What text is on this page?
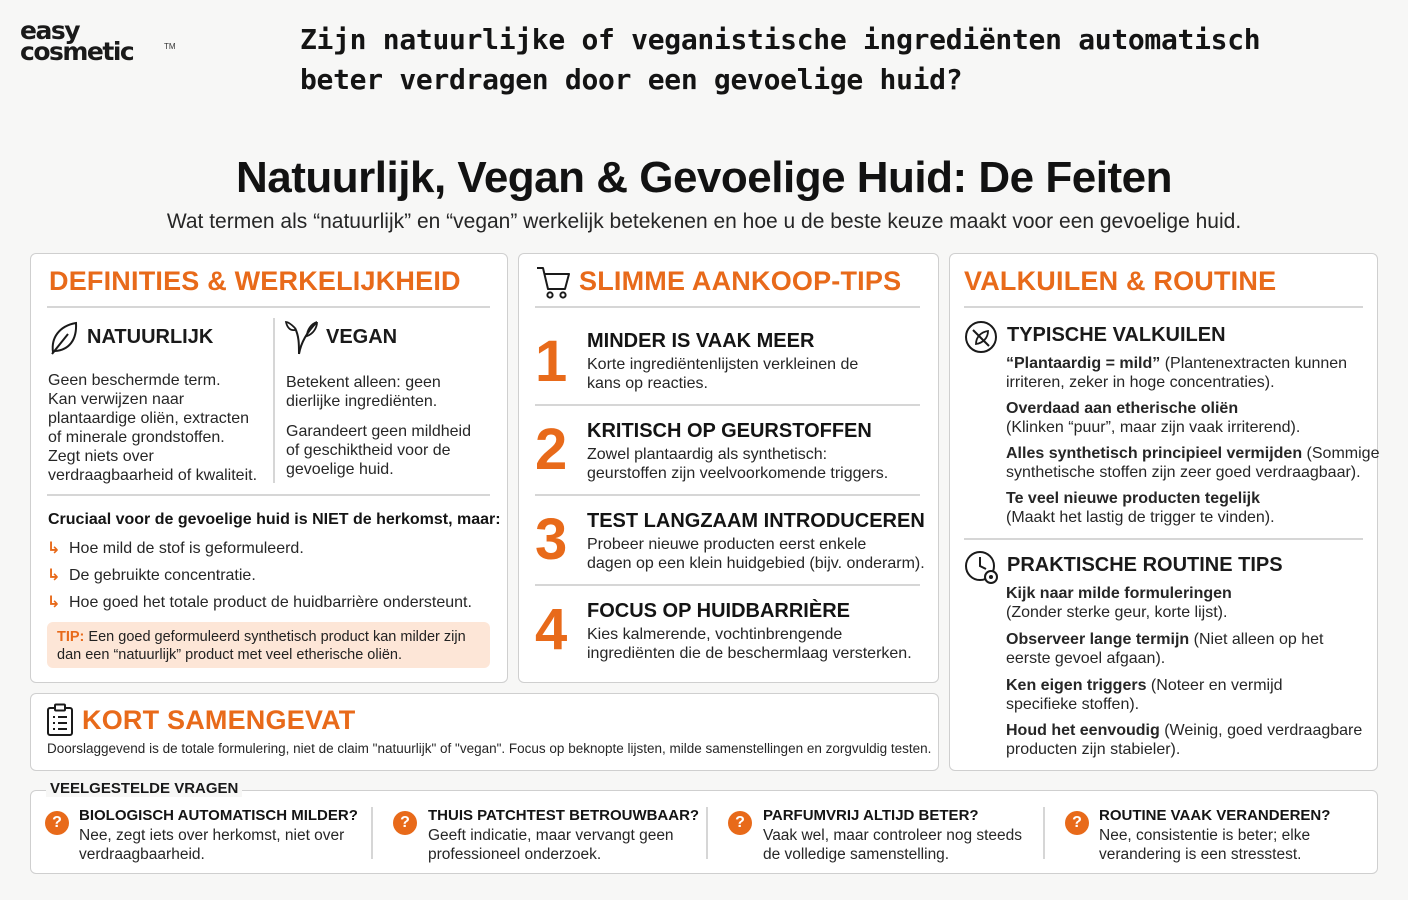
easy
cosmetic	TM	Zijn natuurlijke of veganistische ingrediënten automatisch beter verdragen door een gevoelige huid?
Natuurlijk, Vegan & Gevoelige Huid: De Feiten
Wat termen als “natuurlijk” en “vegan” werkelijk betekenen en hoe u de beste keuze maakt voor een gevoelige huid.
DEFINITIES & WERKELIJKHEID
NATUURLIJK
Geen beschermde term.
Kan verwijzen naar
plantaardige oliën, extracten
of minerale grondstoffen.
Zegt niets over
verdraagbaarheid of kwaliteit.
VEGAN
Betekent alleen: geen
dierlijke ingrediënten.
Garandeert geen mildheid
of geschiktheid voor de
gevoelige huid.
Cruciaal voor de gevoelige huid is NIET de herkomst, maar:
↳ Hoe mild de stof is geformuleerd.
↳ De gebruikte concentratie.
↳ Hoe goed het totale product de huidbarrière ondersteunt.
TIP: Een goed geformuleerd synthetisch product kan milder zijn
dan een “natuurlijk” product met veel etherische oliën.
SLIMME AANKOOP-TIPS
1 MINDER IS VAAK MEER
Korte ingrediëntenlijsten verkleinen de
kans op reacties.
2 KRITISCH OP GEURSTOFFEN
Zowel plantaardig als synthetisch:
geurstoffen zijn veelvoorkomende triggers.
3 TEST LANGZAAM INTRODUCEREN
Probeer nieuwe producten eerst enkele
dagen op een klein huidgebied (bijv. onderarm).
4 FOCUS OP HUIDBARRIÈRE
Kies kalmerende, vochtinbrengende
ingrediënten die de beschermlaag versterken.
VALKUILEN & ROUTINE
TYPISCHE VALKUILEN
“Plantaardig = mild” (Plantenextracten kunnen
irriteren, zeker in hoge concentraties).
Overdaad aan etherische oliën
(Klinken “puur”, maar zijn vaak irriterend).
Alles synthetisch principieel vermijden (Sommige
synthetische stoffen zijn zeer goed verdraagbaar).
Te veel nieuwe producten tegelijk
(Maakt het lastig de trigger te vinden).
PRAKTISCHE ROUTINE TIPS
Kijk naar milde formuleringen
(Zonder sterke geur, korte lijst).
Observeer lange termijn (Niet alleen op het
eerste gevoel afgaan).
Ken eigen triggers (Noteer en vermijd
specifieke stoffen).
Houd het eenvoudig (Weinig, goed verdraagbare
producten zijn stabieler).
KORT SAMENGEVAT
Doorslaggevend is de totale formulering, niet de claim "natuurlijk" of "vegan". Focus op beknopte lijsten, milde samenstellingen en zorgvuldig testen.
?	BIOLOGISCH AUTOMATISCH MILDER?
Nee, zegt iets over herkomst, niet over
verdraagbaarheid.
?	THUIS PATCHTEST BETROUWBAAR?
Geeft indicatie, maar vervangt geen
professioneel onderzoek.
?	PARFUMVRIJ ALTIJD BETER?
Vaak wel, maar controleer nog steeds
de volledige samenstelling.
?	ROUTINE VAAK VERANDEREN?
Nee, consistentie is beter; elke
verandering is een stresstest.
VEELGESTELDE VRAGEN
